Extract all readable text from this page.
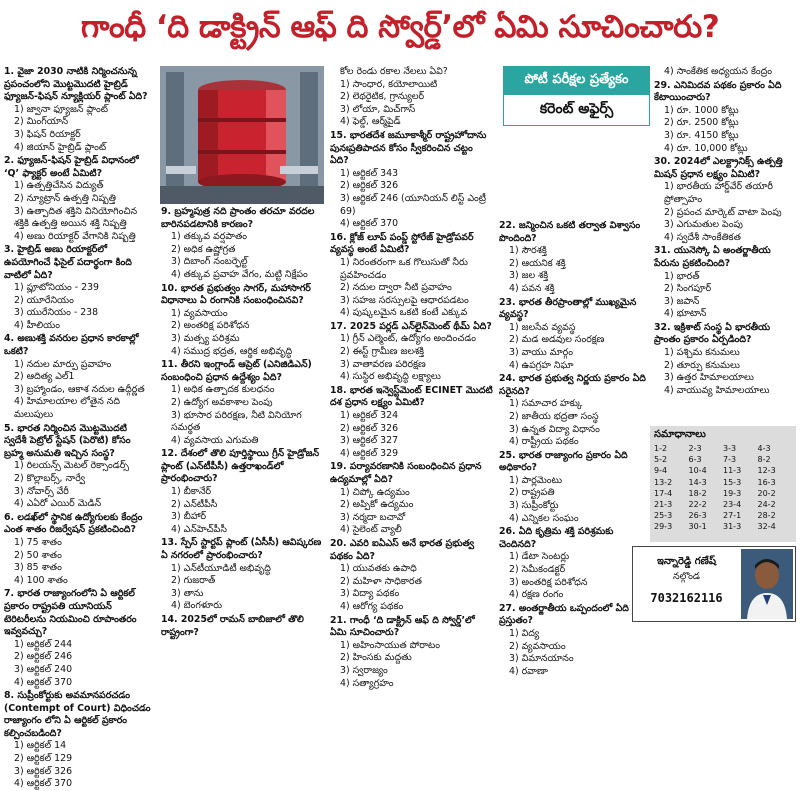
గాంధీ ‘ది డాక్ట్రిన్ ఆఫ్ ది స్వోర్డ్’లో ఏమి సూచించారు?
1. వైజా 2030 నాటికి నిర్మించనున్న ప్రపంచంలోని మొట్టమొదటి హైబ్రిడ్ ఫ్యూజన్-ఫిషన్ న్యూక్లియర్ ప్లాంట్ ఏది?
1) జ్వానా ఫ్యూజన్ ప్లాంట్
2) మింగ్‌యాన్
3) ఫిషన్ రియాక్టర్
4) జియాన్ హైబ్రిడ్ ప్లాంట్
2. ఫ్యూజన్-ఫిషన్ హైబ్రిడ్ విధానంలో ‘Q’ ఫ్యాక్టర్ అంటే ఏమిటి?
1) ఉత్పత్తిచేసిన విద్యుత్
2) న్యూట్రాన్ ఉత్పత్తి నిష్పత్తి
3) ఉత్పాదిత శక్తిని వినియోగించిన శక్తికి ఉత్పత్తి అయిన శక్తి నిష్పత్తి
4) అణు రియాక్టర్ వేగానికి నిష్పత్తి
3. హైబ్రిడ్ అణు రియాక్టర్‌లో ఉపయోగించే ఫిసైల్ పదార్థంగా కింది వాటిలో ఏది?
1) ప్లూటోనియం - 239
2) యూరేనియం
3) యురేనియం - 238
4) హీలియం
4. అణుశక్తి వనరుల ప్రధాన కారకాల్లో ఒకటి?
1) నదుల మార్పు ప్రవాహం
2) ఆదిత్య ఎల్1
3) బ్రహ్మాండం, ఆకాశ నదుల ఉద్గీర్ణత
4) హిమాలయాల లోతైన నది మలుపులు
5. భారత నిర్మించిన మొట్టమొదటి స్వదేశీ పెట్రోల్ స్టేషన్ (పెరొటి) కోసం బ్రహ్మ అనుమతి ఇచ్చిన సంస్థ?
1) రిలయన్స్ మెటల్ రెక్సాండర్స్
2) కొల్లాబర్స్, నార్వే
3) నోవార్స్ వేరీ
4) ఎఏరో ఎయిర్ మెడిన్
6. లడఖ్‌లో స్థానిక ఉద్యోగులకు కేంద్రం ఎంత శాతం రిజర్వేషన్ ప్రకటించింది?
1) 75 శాతం
2) 50 శాతం
3) 85 శాతం
4) 100 శాతం
7. భారత రాజ్యాంగంలోని ఏ ఆర్టికల్ ప్రకారం రాష్ట్రపతి యూనియన్ టెరిటరీలను నియమించి రూపాంతరం ఇవ్వవచ్చు?
1) ఆర్టికల్ 244
2) ఆర్టికల్ 246
3) ఆర్టికల్ 240
4) ఆర్టికల్ 370
8. సుప్రీంకోర్టుకు అవమానపరచడం (Contempt of Court) విధించడం రాజ్యాంగం లోని ఏ ఆర్టికల్ ప్రకారం కల్పించబడింది?
1) ఆర్టికల్ 14
2) ఆర్టికల్ 129
3) ఆర్టికల్ 326
4) ఆర్టికల్ 370
9. బ్రహ్మపుత్ర నది ప్రాంతం తరచూ వరదల బారినపడటానికి కారణం?
1) తక్కువ వర్షపాతం
2) అధిక ఉష్ణోగ్రత
3) దిబాంగ్ నంబర్ఫెల్ట్
4) తక్కువ ప్రవాహ వేగం, మట్టి నిక్షేపం
10. భారత ప్రభుత్వం సాగర్, మహాసాగర్ విధానాలు ఏ రంగానికి సంబంధించినవి?
1) వ్యవసాయం
2) అంతరిక్ష పరిశోధన
3) మత్స్య పరిశ్రమ
4) సముద్ర భద్రత, ఆర్థిక అభివృద్ధి
11. తీరని ఇంగ్లాండ్ ఆప్రెట్ (ఎనిజిడిఎన్) సంబంధించి ప్రధాన ఉద్దేశ్యం ఏది?
1) అధిక ఉత్పాదక కులధనం
2) ఉద్యోగ అవకాశాల పెంపు
3) భూసార పరిరక్షణ, నీటి వినియోగ సమర్థత
4) వ్యవసాయ ఎగుమతి
12. దేశంలో తొలి పూర్తిస్థాయి గ్రీన్ హైడ్రోజన్ ప్లాంట్ (ఎన్‌టీపీసీ) ఉత్తరాఖండ్‌లో ప్రారంభించారు?
1) బీకానేర్
2) ఎన్‌టీపీసీ
3) బీహార్
4) ఎన్‌హెచ్‌పీసీ
13. స్పేస్ స్టార్టప్ ప్లాంట్ (ఏసీసీ) ఆవిష్కరణ ఏ నగరంలో ప్రారంభించారు?
1) ఎన్‌టీయూడిటీ అభివృద్ధి
2) గుజరాత్
3) తాను
4) బెంగళూరు
14. 2025లో రామన్ బాబిజాలో తొలి రాష్ట్రంగా?
కోల రెండు రకాల నేలలు ఏవి?
1) సాంధార, కయోలాయిటి
2) లెథరైటిక, గ్రాన్యులర్
3) లోయా, మిచ్‌గాస్
4) ఫెల్డ్, ఆర్మ్‌పైడ్
15. భారతదేశ జమూకాశ్మీర్ రాష్ట్రహోదాను పునఃప్రతిపాదన కోసం స్వీకరించిన చట్టం ఏది?
1) ఆర్టికల్ 343
2) ఆర్టికల్ 326
3) ఆర్టికల్ 246 (యూనియన్ లిస్ట్ ఎంట్రీ 69)
4) ఆర్టికల్ 370
16. క్లోజ్ లూప్ పంప్డ్ స్టోరేజ్ హైడ్రోపవర్ వ్యవస్థ అంటే ఏమిటి?
1) నిరంతరంగా ఒక గొలుసుతో నీరు ప్రవహించడం
2) నదుల ద్వారా నీటి ప్రవాహం
3) సహజ సరస్సులపై ఆధారపడటం
4) పుష్కలమైన ఒకటి కంటే ఎక్కువ
17. 2025 పర్లడ్ ఎన్‌లైన్‌మెంట్ థీమ్ ఏది?
1) గ్రీన్ ఎల్మెంట్, ఉద్యోగం అందించడం
2) ఈస్ట్ గ్రామీణ జలశక్తి
3) వాతావరణ పరిరక్షణ
4) సుస్థిర అభివృద్ధి లక్ష్యాలు
18. భారత ఇన్వెస్ట్‌మెంట్ ECINET మొదటి దశ ప్రధాన లక్ష్యం ఏమిటి?
1) ఆర్టికల్ 324
2) ఆర్టికల్ 326
3) ఆర్టికల్ 327
4) ఆర్టికల్ 329
19. పర్యావరణానికి సంబంధించిన ప్రధాన ఉద్యమాల్లో ఏది?
1) చిప్కో ఉద్యమం
2) అప్పికో ఉద్యమం
3) నర్మదా బచావో
4) సైలెంట్ వ్యాలీ
20. ఎవరి ఐఏఎస్ అనే భారత ప్రభుత్వ పథకం ఏది?
1) యువతకు ఉపాధి
2) మహిళా సాధికారత
3) విద్యా పథకం
4) ఆరోగ్య పథకం
21. గాంధీ ‘ది డాక్ట్రిన్ ఆఫ్ ది స్వోర్డ్’లో ఏమి సూచించారు?
1) అహింసాయుత పోరాటం
2) హింసకు మద్దతు
3) స్వరాజ్యం
4) సత్యాగ్రహం
పోటీ పరీక్షల ప్రత్యేకం
కరెంట్ అఫైర్స్
22. జన్మించిన ఒకటి తర్వాత విశ్వాసం పొందింది?
1) సౌరశక్తి
2) ఆయనిక శక్తి
3) జల శక్తి
4) పవన శక్తి
23. భారత తీరప్రాంతాల్లో ముఖ్యమైన వ్యవస్థ?
1) జలసేవ వ్యవస్థ
2) మడ అడవుల సంరక్షణ
3) వాయు మార్గం
4) ఉపగ్రహ నిఘా
24. భారత ప్రభుత్వ నిర్ణయ ప్రకారం ఏది సరైనది?
1) సమాచార హక్కు
2) జాతీయ భద్రతా సంస్థ
3) ఉన్నత విద్యా విధానం
4) రాష్ట్రీయ పథకం
25. భారత రాజ్యాంగం ప్రకారం ఏది అధికారం?
1) పార్లమెంటు
2) రాష్ట్రపతి
3) సుప్రీంకోర్టు
4) ఎన్నికల సంఘం
26. ఏది కృత్రిమ శక్తి పరిశ్రమకు చెందినది?
1) డేటా సెంటర్లు
2) సెమీకండక్టర్
3) అంతరిక్ష పరిశోధన
4) రక్షణ రంగం
27. అంతర్జాతీయ ఒప్పందంలో ఏది ప్రస్తుతం?
1) విద్య
2) వ్యవసాయం
3) విమానయానం
4) రవాణా
4) సాంకేతిక అధ్యయన కేంద్రం
29. ఎనిమిదవ పథకం ప్రకారం ఏది కేటాయించారు?
1) రూ. 1000 కోట్లు
2) రూ. 2500 కోట్లు
3) రూ. 4150 కోట్లు
4) రూ. 10,000 కోట్లు
30. 2024లో ఎలక్ట్రానిక్స్ ఉత్పత్తి మిషన్ ప్రధాన లక్ష్యం ఏమిటి?
1) భారతీయ హార్డ్‌వేర్ తయారీ ప్రోత్సాహం
2) ప్రపంచ మార్కెట్ వాటా పెంపు
3) ఎగుమతుల పెంపు
4) స్వదేశీ సాంకేతికత
31. యునెస్కో ఏ అంతర్జాతీయ పేరును ప్రకటించింది?
1) భారత్
2) సింగపూర్
3) జపాన్
4) భూటాన్
32. ఇక్రిశాట్ సంస్థ ఏ భారతీయ ప్రాంతం ప్రకారం ఏర్పడింది?
1) పశ్చిమ కనుమలు
2) తూర్పు కనుమలు
3) ఉత్తర హిమాలయాలు
4) వాయువ్య హిమాలయాలు
సమాధానాలు
1-2	2-3	3-3	4-3
5-2	6-3	7-3	8-2
9-4	10-4	11-3	12-3
13-2	14-3	15-3	16-3
17-4	18-2	19-3	20-2
21-3	22-2	23-4	24-2
25-3	26-3	27-1	28-2
29-3	30-1	31-3	32-4
ఇన్నారెడ్డి గణేష్
నల్గొండ
7032162116
